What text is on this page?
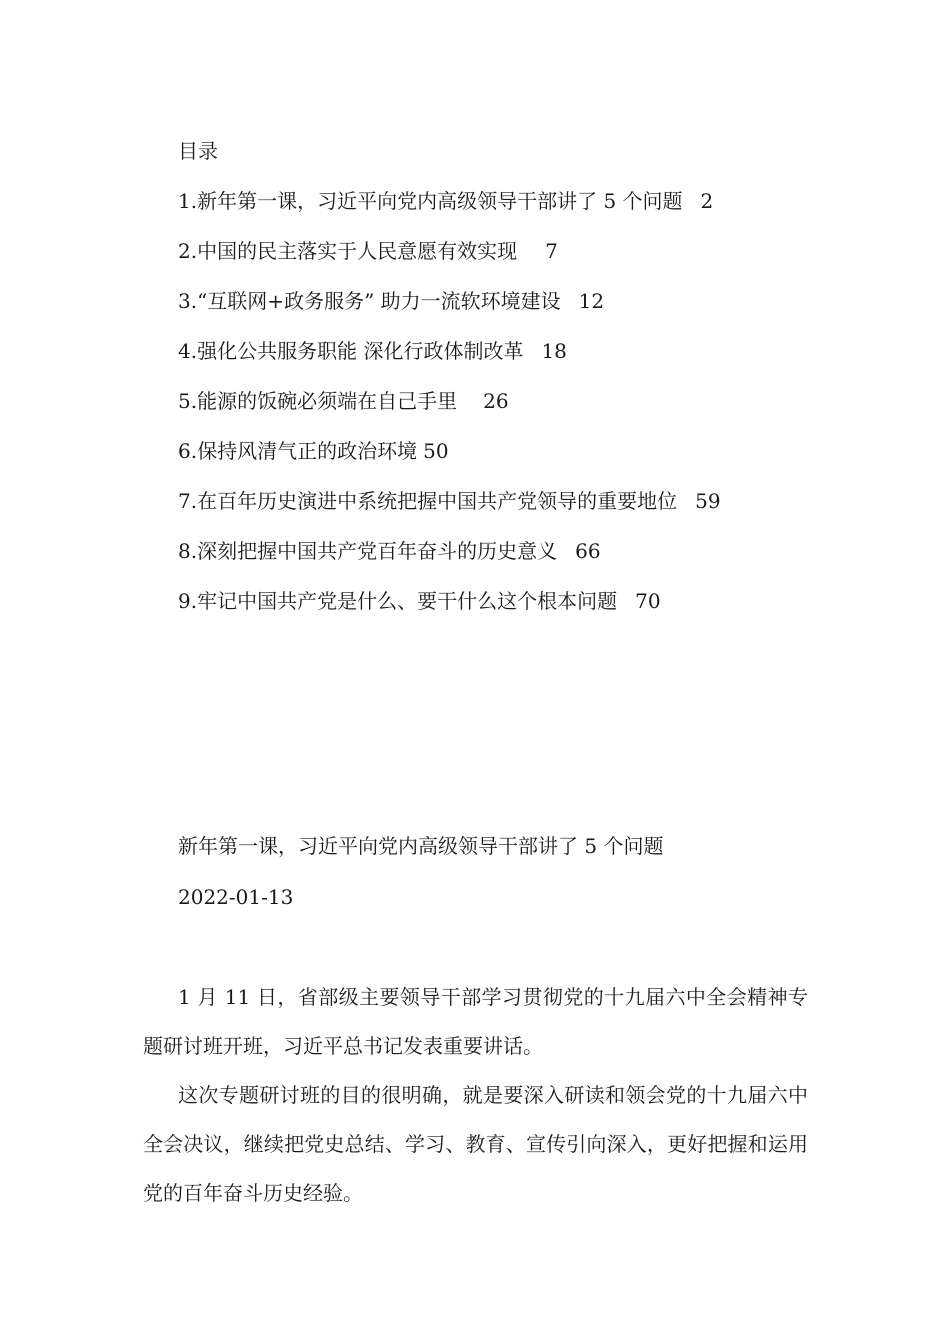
目录
1.新年第一课，习近平向党内高级领导干部讲了 5 个问题 2
2.中国的民主落实于人民意愿有效实现 7
3.“互联网+政务服务” 助力一流软环境建设 12
4.强化公共服务职能 深化行政体制改革 18
5.能源的饭碗必须端在自己手里 26
6.保持风清气正的政治环境 50
7.在百年历史演进中系统把握中国共产党领导的重要地位 59
8.深刻把握中国共产党百年奋斗的历史意义 66
9.牢记中国共产党是什么、要干什么这个根本问题 70
新年第一课，习近平向党内高级领导干部讲了 5 个问题
2022-01-13

1 月 11 日，省部级主要领导干部学习贯彻党的十九届六中全会精神专题研讨班开班，习近平总书记发表重要讲话。

这次专题研讨班的目的很明确，就是要深入研读和领会党的十九届六中全会决议，继续把党史总结、学习、教育、宣传引向深入，更好把握和运用党的百年奋斗历史经验。
